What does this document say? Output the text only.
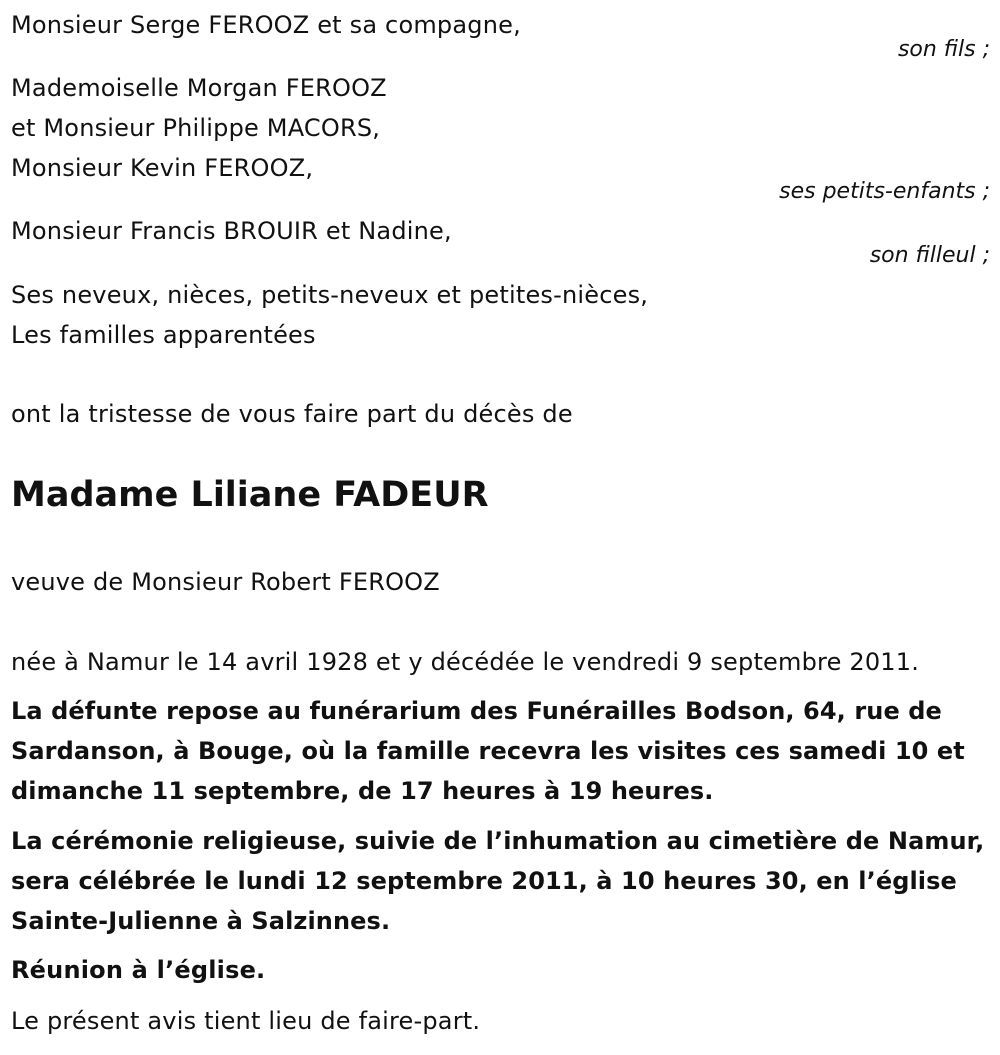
Monsieur Serge FEROOZ et sa compagne,
son fils ;
Mademoiselle Morgan FEROOZ
et Monsieur Philippe MACORS,
Monsieur Kevin FEROOZ,
ses petits-enfants ;
Monsieur Francis BROUIR et Nadine,
son filleul ;
Ses neveux, nièces, petits-neveux et petites-nièces,
Les familles apparentées
ont la tristesse de vous faire part du décès de
Madame Liliane FADEUR
veuve de Monsieur Robert FEROOZ
née à Namur le 14 avril 1928 et y décédée le vendredi 9 septembre 2011.
La défunte repose au funérarium des Funérailles Bodson, 64, rue de Sardanson, à Bouge, où la famille recevra les visites ces samedi 10 et dimanche 11 septembre, de 17 heures à 19 heures.
La cérémonie religieuse, suivie de l’inhumation au cimetière de Namur, sera célébrée le lundi 12 septembre 2011, à 10 heures 30, en l’église Sainte-Julienne à Salzinnes.
Réunion à l’église.
Le présent avis tient lieu de faire-part.
